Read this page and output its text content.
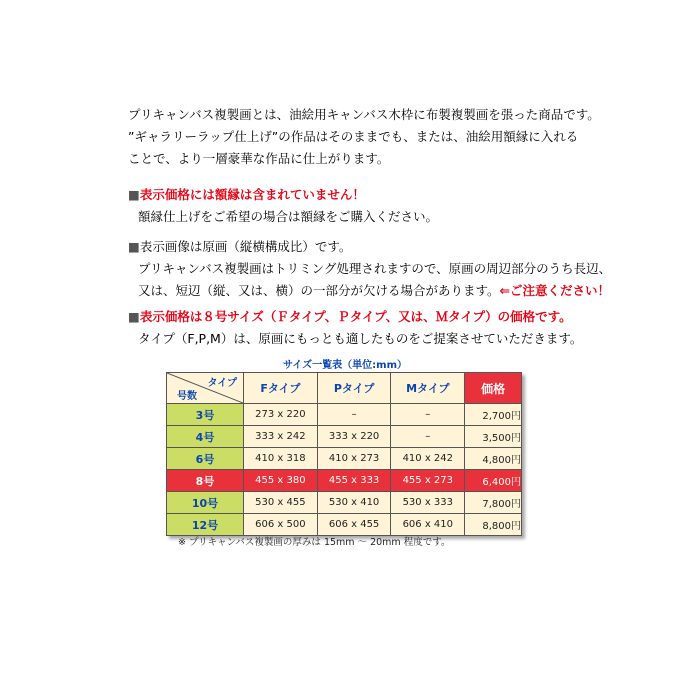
プリキャンバス複製画とは、油絵用キャンバス木枠に布製複製画を張った商品です。
”ギャラリーラップ仕上げ”の作品はそのままでも、または、油絵用額縁に入れる
ことで、より一層豪華な作品に仕上がります。
■表示価格には額縁は含まれていません！
額縁仕上げをご希望の場合は額縁をご購入ください。
■表示画像は原画（縦横構成比）です。
プリキャンバス複製画はトリミング処理されますので、原画の周辺部分のうち長辺、
又は、短辺（縦、又は、横）の一部分が欠ける場合があります。⇐ご注意ください！
■表示価格は８号サイズ（Ｆタイプ、Ｐタイプ、又は、Ｍタイプ）の価格です。
タイプ（F,P,M）は、原画にもっとも適したものをご提案させていただきます。
サイズ一覧表（単位:mm）
タイプ
号数	Fタイプ	Pタイプ	Mタイプ	価格
3号	273 x 220	–	–	2,700円
4号	333 x 242	333 x 220	–	3,500円
6号	410 x 318	410 x 273	410 x 242	4,800円
8号	455 x 380	455 x 333	455 x 273	6,400円
10号	530 x 455	530 x 410	530 x 333	7,800円
12号	606 x 500	606 x 455	606 x 410	8,800円
※ プリキャンバス複製画の厚みは 15mm 〜 20mm 程度です。
